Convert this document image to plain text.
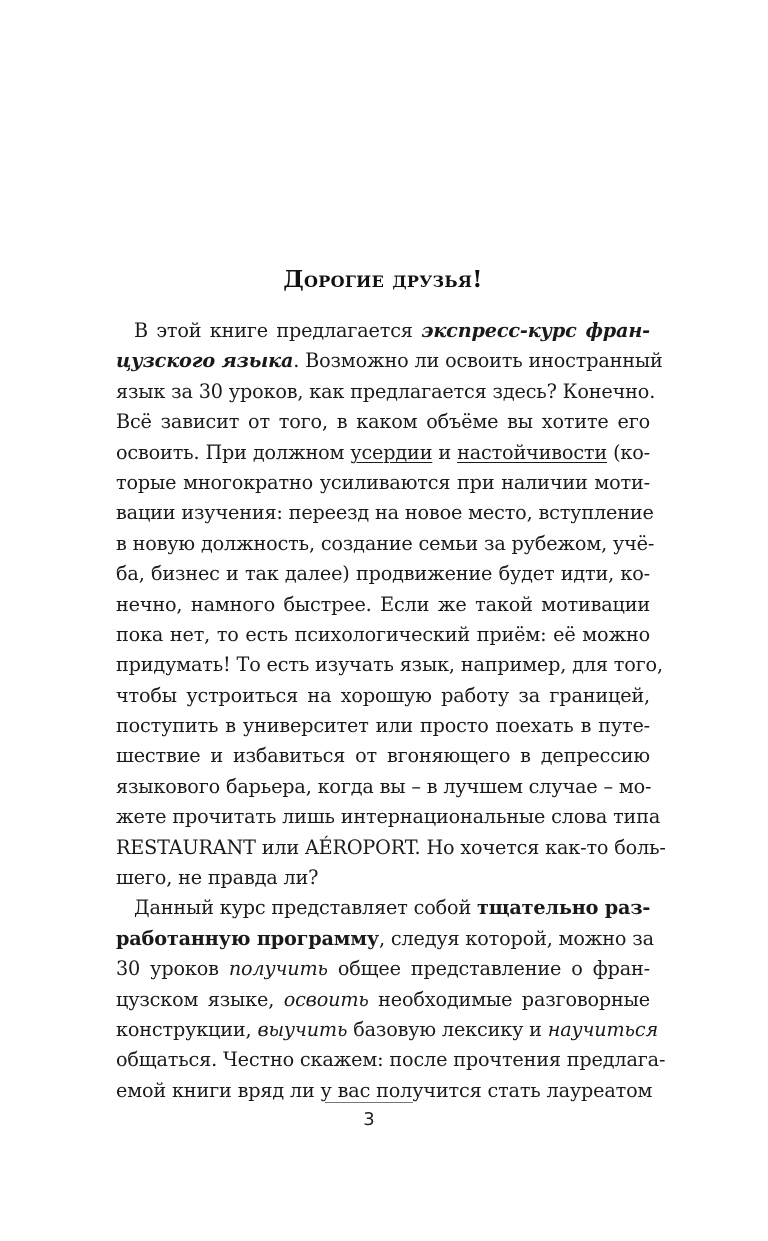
Дорогие друзья!
В этой книге предлагается экспресс-курс фран-
цузского языка. Возможно ли освоить иностранный
язык за 30 уроков, как предлагается здесь? Конечно.
Всё зависит от того, в каком объёме вы хотите его
освоить. При должном усердии и настойчивости (ко-
торые многократно усиливаются при наличии моти-
вации изучения: переезд на новое место, вступление
в новую должность, создание семьи за рубежом, учё-
ба, бизнес и так далее) продвижение будет идти, ко-
нечно, намного быстрее. Если же такой мотивации
пока нет, то есть психологический приём: её можно
придумать! То есть изучать язык, например, для того,
чтобы устроиться на хорошую работу за границей,
поступить в университет или просто поехать в путе-
шествие и избавиться от вгоняющего в депрессию
языкового барьера, когда вы – в лучшем случае – мо-
жете прочитать лишь интернациональные слова типа
RESTAURANT или AÉROPORT. Но хочется как-то боль-
шего, не правда ли?
Данный курс представляет собой тщательно раз-
работанную программу, следуя которой, можно за
30 уроков получить общее представление о фран-
цузском языке, освоить необходимые разговорные
конструкции, выучить базовую лексику и научиться
общаться. Честно скажем: после прочтения предлага-
емой книги вряд ли у вас получится стать лауреатом
3
